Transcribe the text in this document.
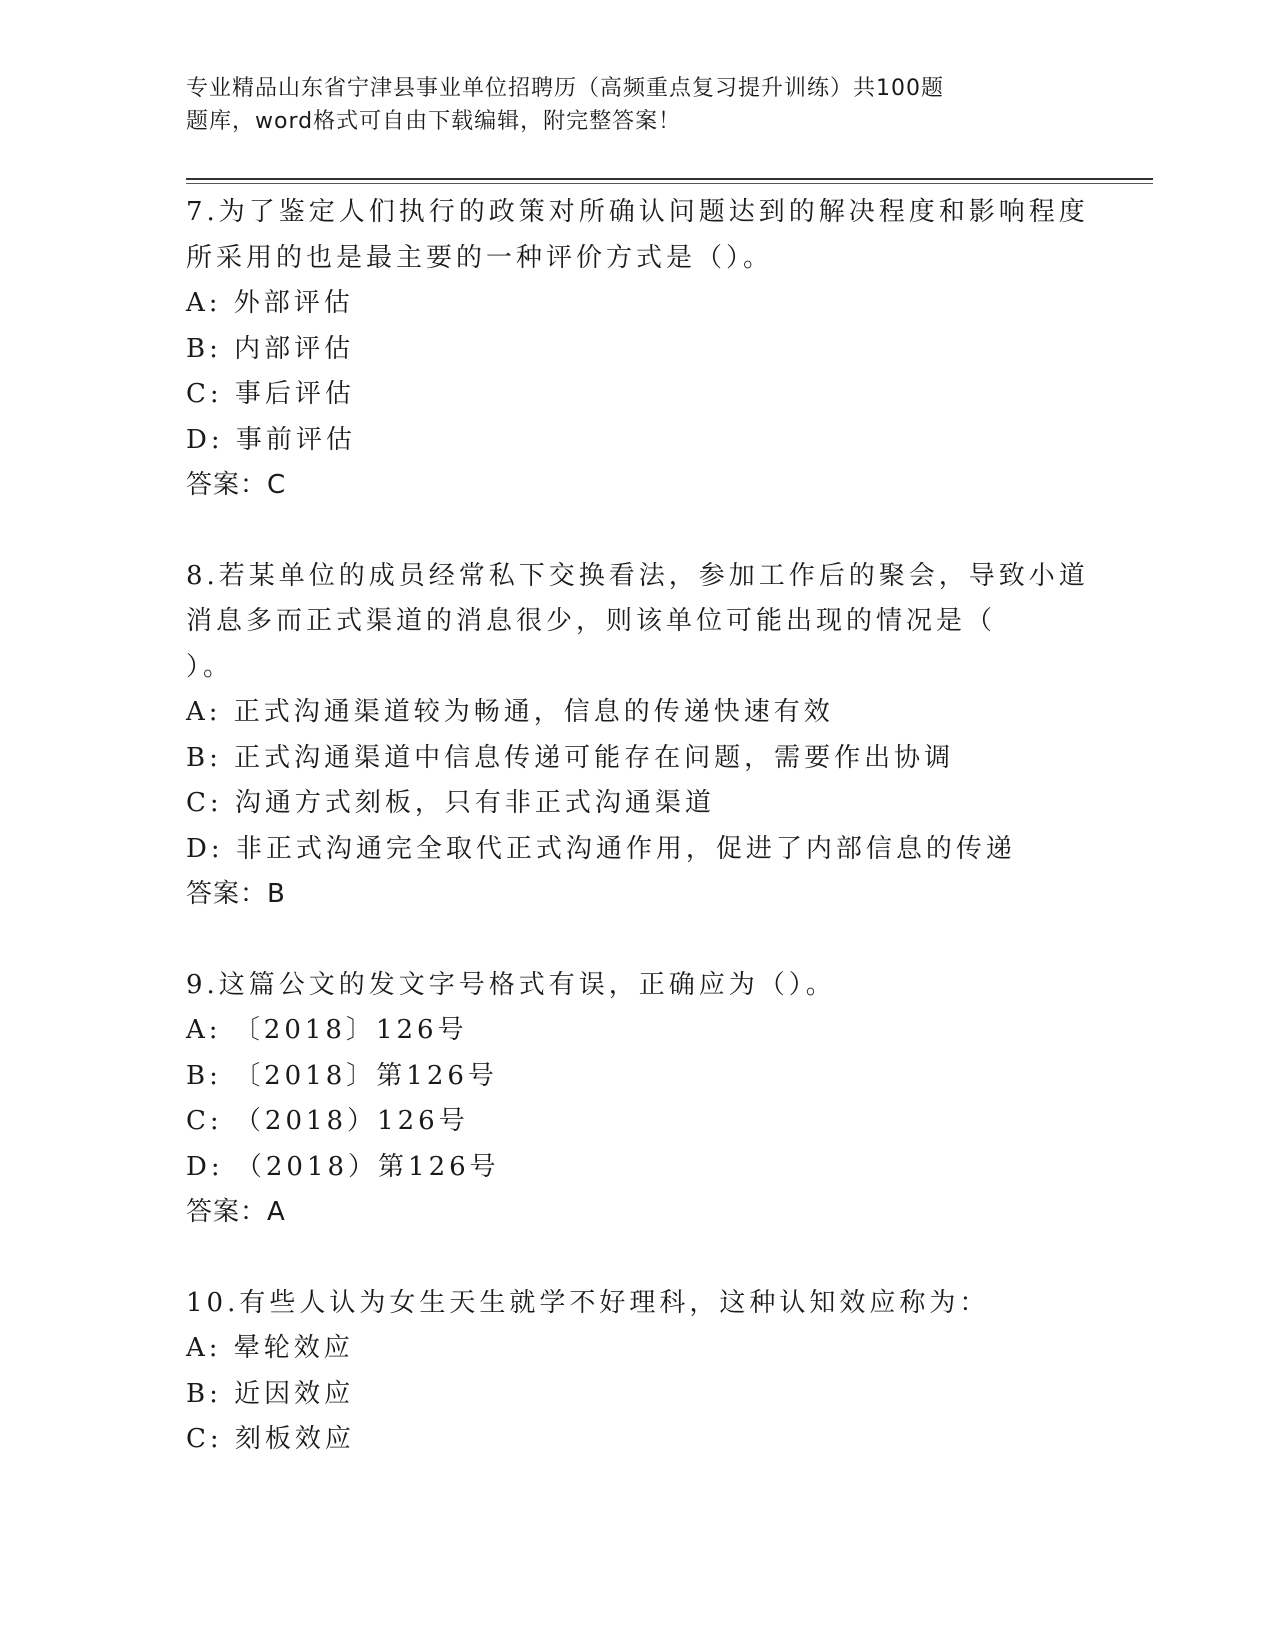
专业精品山东省宁津县事业单位招聘历（高频重点复习提升训练）共100题
题库，word格式可自由下载编辑，附完整答案！
7.为了鉴定人们执行的政策对所确认问题达到的解决程度和影响程度
所采用的也是最主要的一种评价方式是（）。
A: 外部评估
B: 内部评估
C: 事后评估
D: 事前评估
答案：C
8.若某单位的成员经常私下交换看法，参加工作后的聚会，导致小道
消息多而正式渠道的消息很少，则该单位可能出现的情况是（
）。
A: 正式沟通渠道较为畅通，信息的传递快速有效
B: 正式沟通渠道中信息传递可能存在问题，需要作出协调
C: 沟通方式刻板，只有非正式沟通渠道
D: 非正式沟通完全取代正式沟通作用，促进了内部信息的传递
答案：B
9.这篇公文的发文字号格式有误，正确应为（）。
A: 〔2018〕126号
B: 〔2018〕第126号
C: （2018）126号
D: （2018）第126号
答案：A
10.有些人认为女生天生就学不好理科，这种认知效应称为：
A: 晕轮效应
B: 近因效应
C: 刻板效应
